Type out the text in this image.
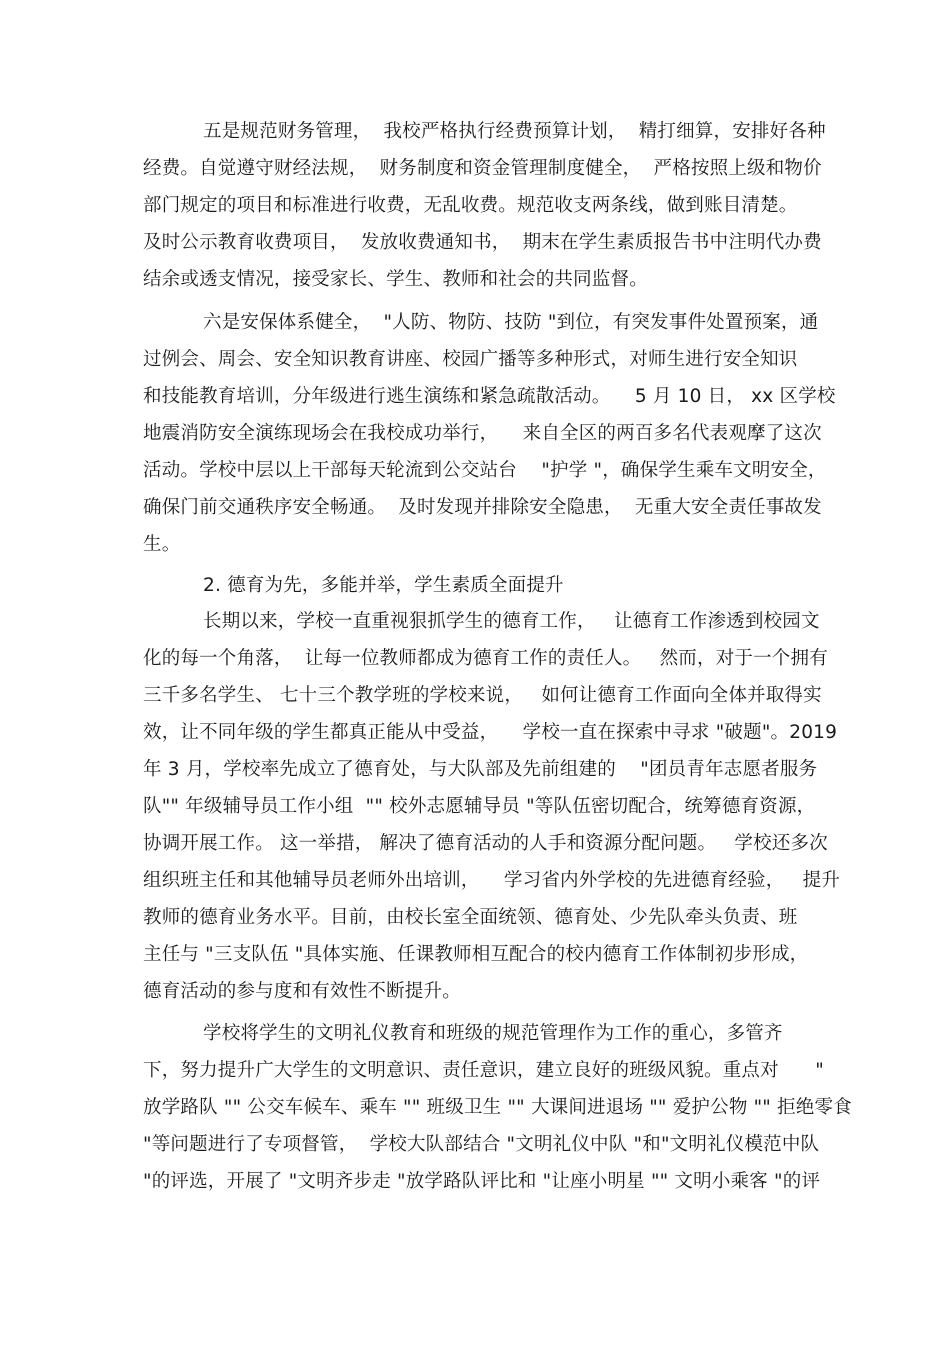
五是规范财务管理，  我校严格执行经费预算计划，  精打细算，安排好各种
经费。自觉遵守财经法规，  财务制度和资金管理制度健全，  严格按照上级和物价
部门规定的项目和标准进行收费，无乱收费。规范收支两条线，做到账目清楚。
及时公示教育收费项目，  发放收费通知书，  期末在学生素质报告书中注明代办费
结余或透支情况，接受家长、学生、教师和社会的共同监督。
六是安保体系健全，  "人防、物防、技防 "到位，有突发事件处置预案，通
过例会、周会、安全知识教育讲座、校园广播等多种形式，对师生进行安全知识
和技能教育培训，分年级进行逃生演练和紧急疏散活动。    5 月 10 日， xx 区学校
地震消防安全演练现场会在我校成功举行，    来自全区的两百多名代表观摩了这次
活动。学校中层以上干部每天轮流到公交站台    "护学 "，确保学生乘车文明安全，
确保门前交通秩序安全畅通。  及时发现并排除安全隐患，  无重大安全责任事故发
生。
2. 德育为先，多能并举，学生素质全面提升
长期以来，学校一直重视狠抓学生的德育工作，   让德育工作渗透到校园文
化的每一个角落，  让每一位教师都成为德育工作的责任人。   然而，对于一个拥有
三千多名学生、 七十三个教学班的学校来说，   如何让德育工作面向全体并取得实
效，让不同年级的学生都真正能从中受益，    学校一直在探索中寻求 "破题"。2019
年 3 月，学校率先成立了德育处，与大队部及先前组建的    "团员青年志愿者服务
队"" 年级辅导员工作小组  "" 校外志愿辅导员 "等队伍密切配合，统筹德育资源，
协调开展工作。 这一举措， 解决了德育活动的人手和资源分配问题。   学校还多次
组织班主任和其他辅导员老师外出培训，    学习省内外学校的先进德育经验，   提升
教师的德育业务水平。目前，由校长室全面统领、德育处、少先队牵头负责、班
主任与 "三支队伍 "具体实施、任课教师相互配合的校内德育工作体制初步形成，
德育活动的参与度和有效性不断提升。
学校将学生的文明礼仪教育和班级的规范管理作为工作的重心，多管齐
下，努力提升广大学生的文明意识、责任意识，建立良好的班级风貌。重点对      "
放学路队 "" 公交车候车、乘车 "" 班级卫生 "" 大课间进退场 "" 爱护公物 "" 拒绝零食
"等问题进行了专项督管，  学校大队部结合 "文明礼仪中队 "和"文明礼仪模范中队
"的评选，开展了 "文明齐步走 "放学路队评比和 "让座小明星 "" 文明小乘客 "的评
